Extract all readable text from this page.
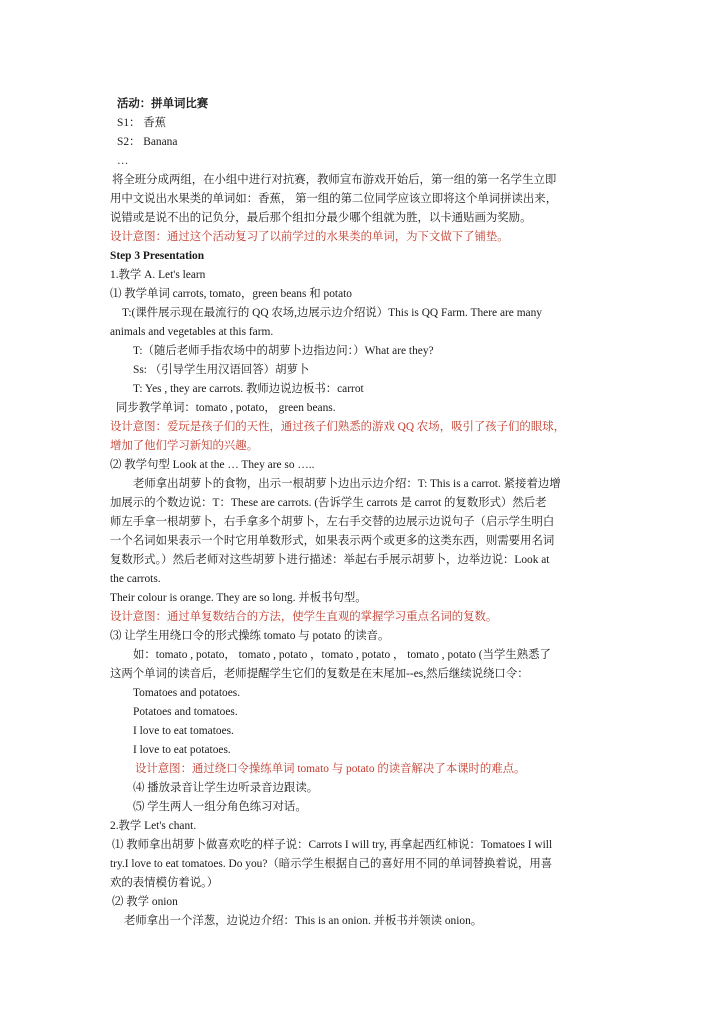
活动：拼单词比赛
S1： 香蕉
S2： Banana
…
将全班分成两组，在小组中进行对抗赛，教师宣布游戏开始后，第一组的第一名学生立即
用中文说出水果类的单词如：香蕉， 第一组的第二位同学应该立即将这个单词拼读出来，
说错或是说不出的记负分，最后那个组扣分最少哪个组就为胜，以卡通贴画为奖励。
设计意图：通过这个活动复习了以前学过的水果类的单词，为下文做下了铺垫。
Step 3 Presentation
1.教学 A. Let's learn
⑴ 教学单词 carrots, tomato，green beans 和 potato
T:(课件展示现在最流行的 QQ 农场,边展示边介绍说）This is QQ Farm. There are many
animals and vegetables at this farm.
T:（随后老师手指农场中的胡萝卜边指边问：）What are they?
Ss: （引导学生用汉语回答）胡萝卜
T: Yes , they are carrots. 教师边说边板书：carrot
同步教学单词：tomato , potato， green beans.
设计意图：爱玩是孩子们的天性，通过孩子们熟悉的游戏 QQ 农场，吸引了孩子们的眼球，
增加了他们学习新知的兴趣。
⑵ 教学句型 Look at the … They are so …..
老师拿出胡萝卜的食物，出示一根胡萝卜边出示边介绍：T: This is a carrot. 紧接着边增
加展示的个数边说：T：These are carrots. (告诉学生 carrots 是 carrot 的复数形式）然后老
师左手拿一根胡萝卜，右手拿多个胡萝卜，左右手交替的边展示边说句子（启示学生明白
一个名词如果表示一个时它用单数形式，如果表示两个或更多的这类东西，则需要用名词
复数形式。）然后老师对这些胡萝卜进行描述：举起右手展示胡萝卜，边举边说：Look at
the carrots.
Their colour is orange. They are so long. 并板书句型。
设计意图：通过单复数结合的方法，使学生直观的掌握学习重点名词的复数。
⑶ 让学生用绕口令的形式操练 tomato 与 potato 的读音。
如：tomato , potato， tomato , potato ，tomato , potato ， tomato , potato (当学生熟悉了
这两个单词的读音后，老师提醒学生它们的复数是在末尾加--es,然后继续说绕口令：
Tomatoes and potatoes.
Potatoes and tomatoes.
I love to eat tomatoes.
I love to eat potatoes.
设计意图：通过绕口令操练单词 tomato 与 potato 的读音解决了本课时的难点。
⑷ 播放录音让学生边听录音边跟读。
⑸ 学生两人一组分角色练习对话。
2.教学 Let's chant.
⑴ 教师拿出胡萝卜做喜欢吃的样子说：Carrots I will try, 再拿起西红柿说：Tomatoes I will
try.I love to eat tomatoes. Do you?（暗示学生根据自己的喜好用不同的单词替换着说，用喜
欢的表情模仿着说。）
⑵ 教学 onion
老师拿出一个洋葱，边说边介绍：This is an onion. 并板书并领读 onion。
